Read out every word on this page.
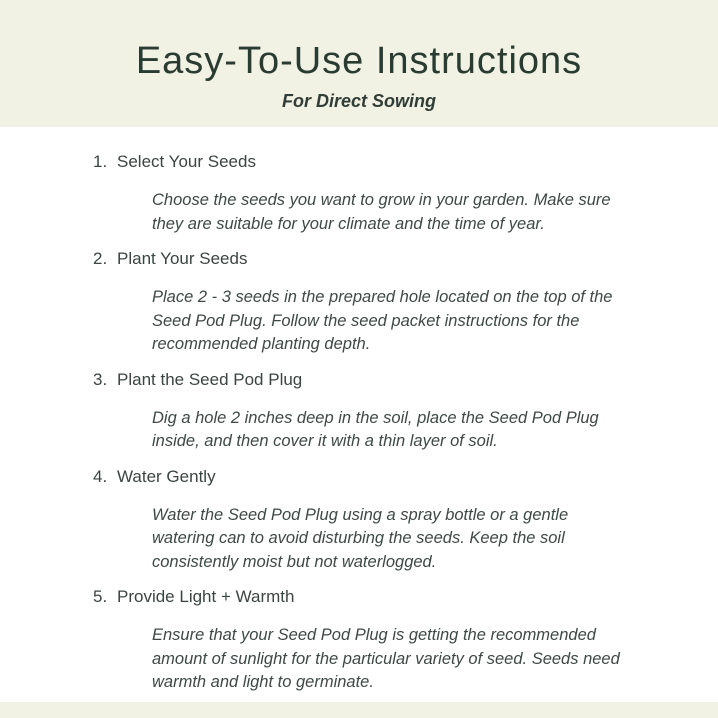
Easy-To-Use Instructions
For Direct Sowing
1. Select Your Seeds
Choose the seeds you want to grow in your garden. Make sure they are suitable for your climate and the time of year.
2. Plant Your Seeds
Place 2 - 3 seeds in the prepared hole located on the top of the Seed Pod Plug. Follow the seed packet instructions for the recommended planting depth.
3. Plant the Seed Pod Plug
Dig a hole 2 inches deep in the soil, place the Seed Pod Plug inside, and then cover it with a thin layer of soil.
4. Water Gently
Water the Seed Pod Plug using a spray bottle or a gentle watering can to avoid disturbing the seeds. Keep the soil consistently moist but not waterlogged.
5. Provide Light + Warmth
Ensure that your Seed Pod Plug is getting the recommended amount of sunlight for the particular variety of seed. Seeds need warmth and light to germinate.
